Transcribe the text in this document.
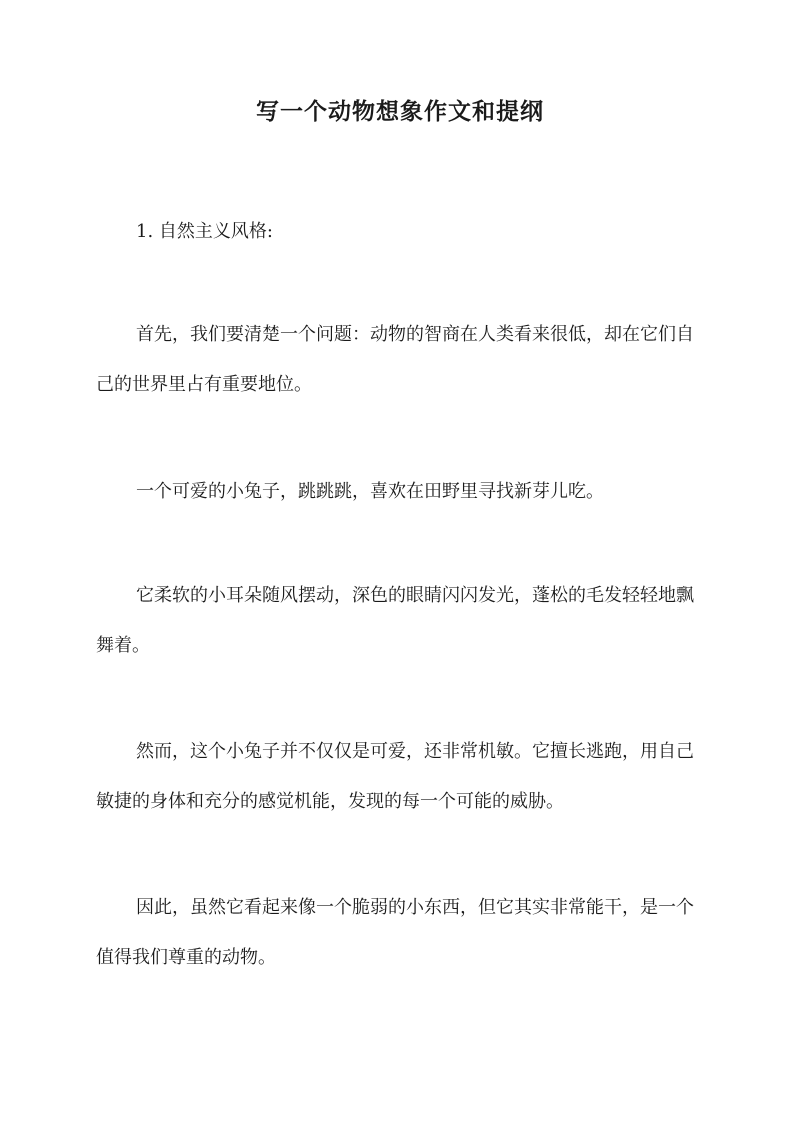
写一个动物想象作文和提纲
1. 自然主义风格:

首先，我们要清楚一个问题：动物的智商在人类看来很低，却在它们自己的世界里占有重要地位。

一个可爱的小兔子，跳跳跳，喜欢在田野里寻找新芽儿吃。

它柔软的小耳朵随风摆动，深色的眼睛闪闪发光，蓬松的毛发轻轻地飘舞着。

然而，这个小兔子并不仅仅是可爱，还非常机敏。它擅长逃跑，用自己敏捷的身体和充分的感觉机能，发现的每一个可能的威胁。

因此，虽然它看起来像一个脆弱的小东西，但它其实非常能干，是一个值得我们尊重的动物。
